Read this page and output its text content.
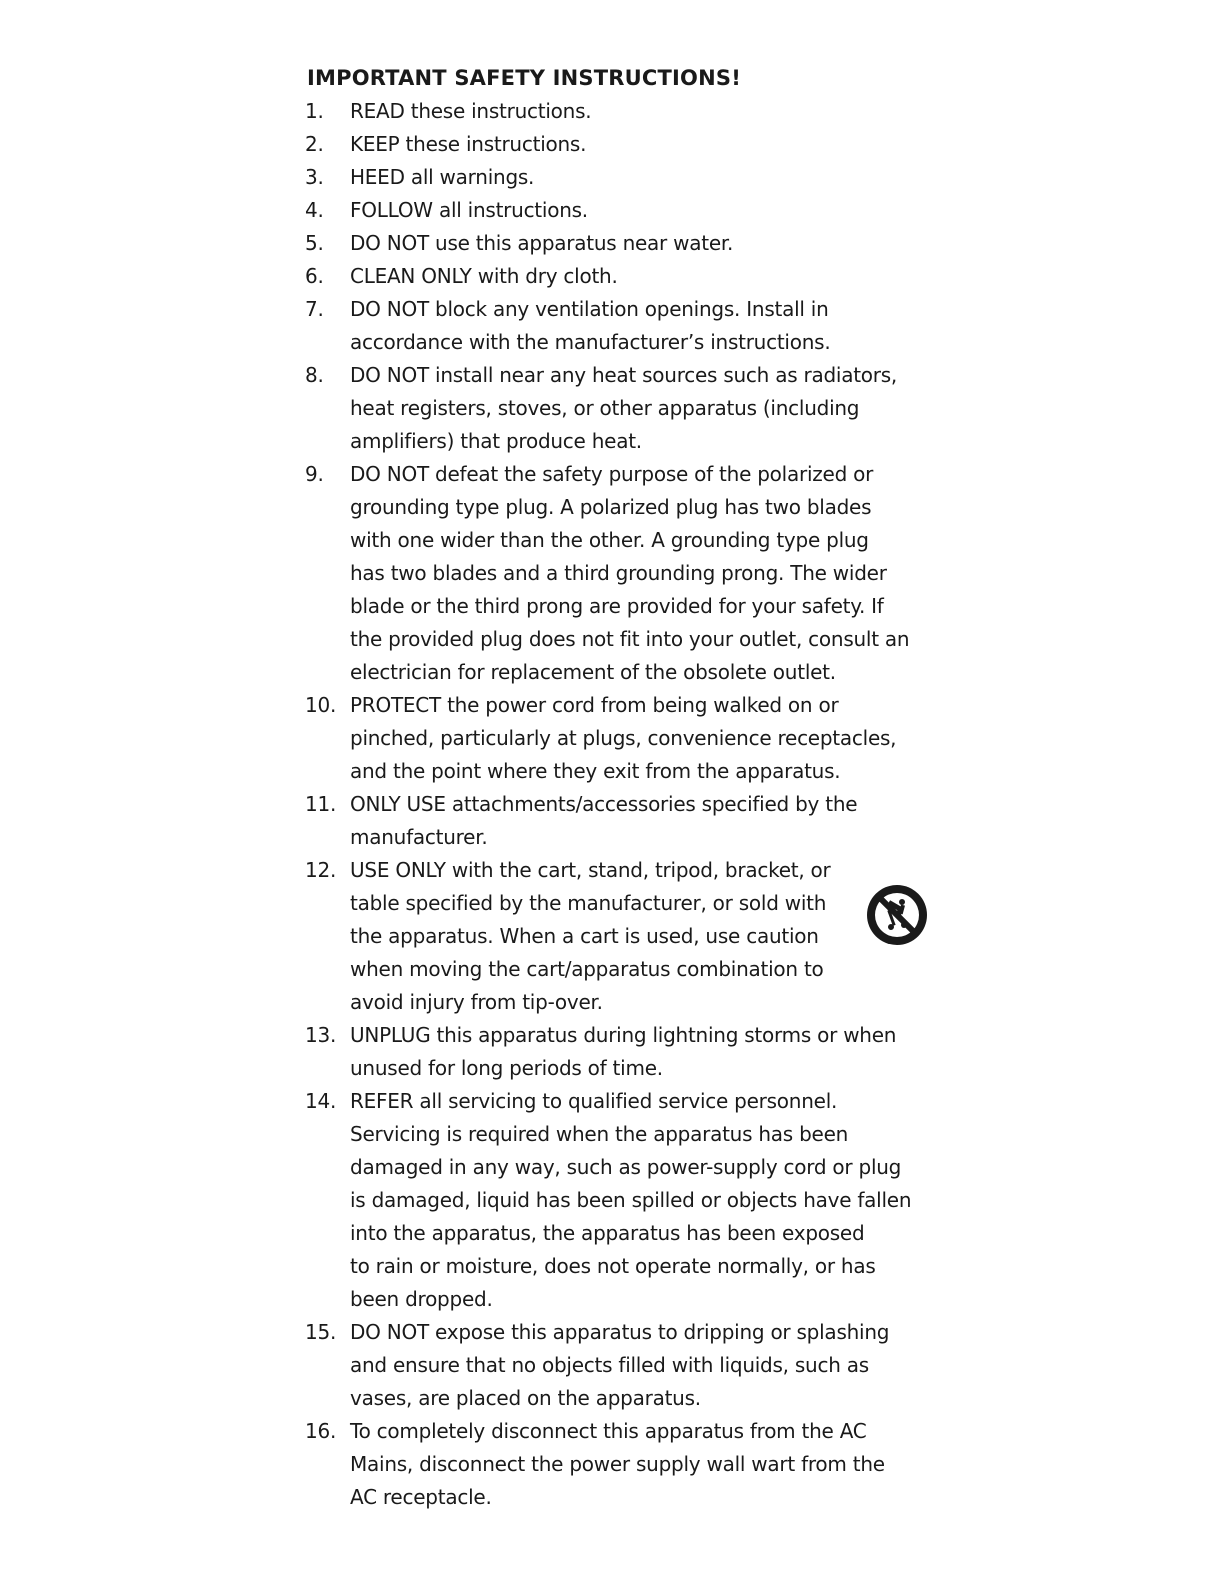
IMPORTANT SAFETY INSTRUCTIONS!
1. READ these instructions.
2. KEEP these instructions.
3. HEED all warnings.
4. FOLLOW all instructions.
5. DO NOT use this apparatus near water.
6. CLEAN ONLY with dry cloth.
7. DO NOT block any ventilation openings. Install in
accordance with the manufacturer’s instructions.
8. DO NOT install near any heat sources such as radiators,
heat registers, stoves, or other apparatus (including
amplifiers) that produce heat.
9. DO NOT defeat the safety purpose of the polarized or
grounding type plug. A polarized plug has two blades
with one wider than the other. A grounding type plug
has two blades and a third grounding prong. The wider
blade or the third prong are provided for your safety. If
the provided plug does not fit into your outlet, consult an
electrician for replacement of the obsolete outlet.
10. PROTECT the power cord from being walked on or
pinched, particularly at plugs, convenience receptacles,
and the point where they exit from the apparatus.
11. ONLY USE attachments/accessories specified by the
manufacturer.
12. USE ONLY with the cart, stand, tripod, bracket, or
table specified by the manufacturer, or sold with
the apparatus. When a cart is used, use caution
when moving the cart/apparatus combination to
avoid injury from tip-over.
13. UNPLUG this apparatus during lightning storms or when
unused for long periods of time.
14. REFER all servicing to qualified service personnel.
Servicing is required when the apparatus has been
damaged in any way, such as power-supply cord or plug
is damaged, liquid has been spilled or objects have fallen
into the apparatus, the apparatus has been exposed
to rain or moisture, does not operate normally, or has
been dropped.
15. DO NOT expose this apparatus to dripping or splashing
and ensure that no objects filled with liquids, such as
vases, are placed on the apparatus.
16. To completely disconnect this apparatus from the AC
Mains, disconnect the power supply wall wart from the
AC receptacle.
